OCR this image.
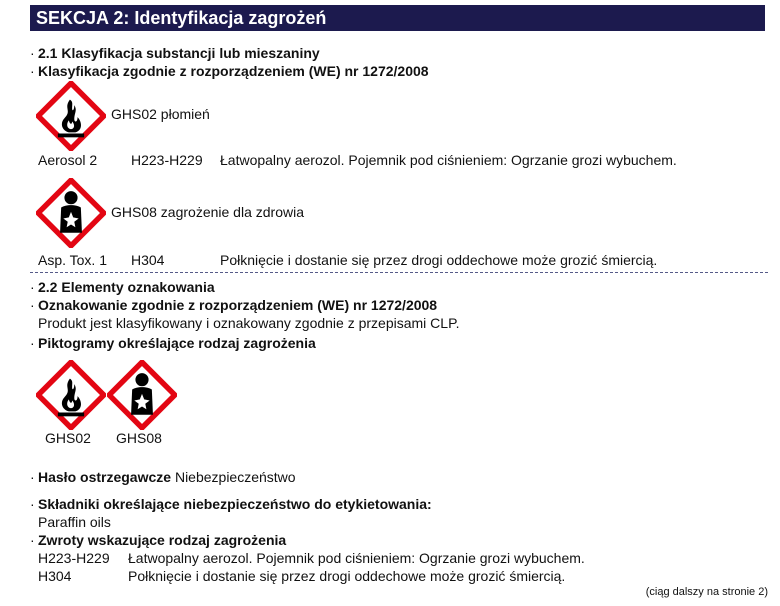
SEKCJA 2: Identyfikacja zagrożeń
· 2.1 Klasyfikacja substancji lub mieszaniny
· Klasyfikacja zgodnie z rozporządzeniem (WE) nr 1272/2008
GHS02 płomień
Aerosol 2 H223-H229 Łatwopalny aerozol. Pojemnik pod ciśnieniem: Ogrzanie grozi wybuchem.
GHS08 zagrożenie dla zdrowia
Asp. Tox. 1 H304	Połknięcie i dostanie się przez drogi oddechowe może grozić śmiercią.
· 2.2 Elementy oznakowania
· Oznakowanie zgodnie z rozporządzeniem (WE) nr 1272/2008
Produkt jest klasyfikowany i oznakowany zgodnie z przepisami CLP.
· Piktogramy określające rodzaj zagrożenia
GHS02 GHS08
· Hasło ostrzegawcze Niebezpieczeństwo
· Składniki określające niebezpieczeństwo do etykietowania:
Paraffin oils
· Zwroty wskazujące rodzaj zagrożenia
H223-H229 Łatwopalny aerozol. Pojemnik pod ciśnieniem: Ogrzanie grozi wybuchem.
H304	Połknięcie i dostanie się przez drogi oddechowe może grozić śmiercią.
(ciąg dalszy na stronie 2)
